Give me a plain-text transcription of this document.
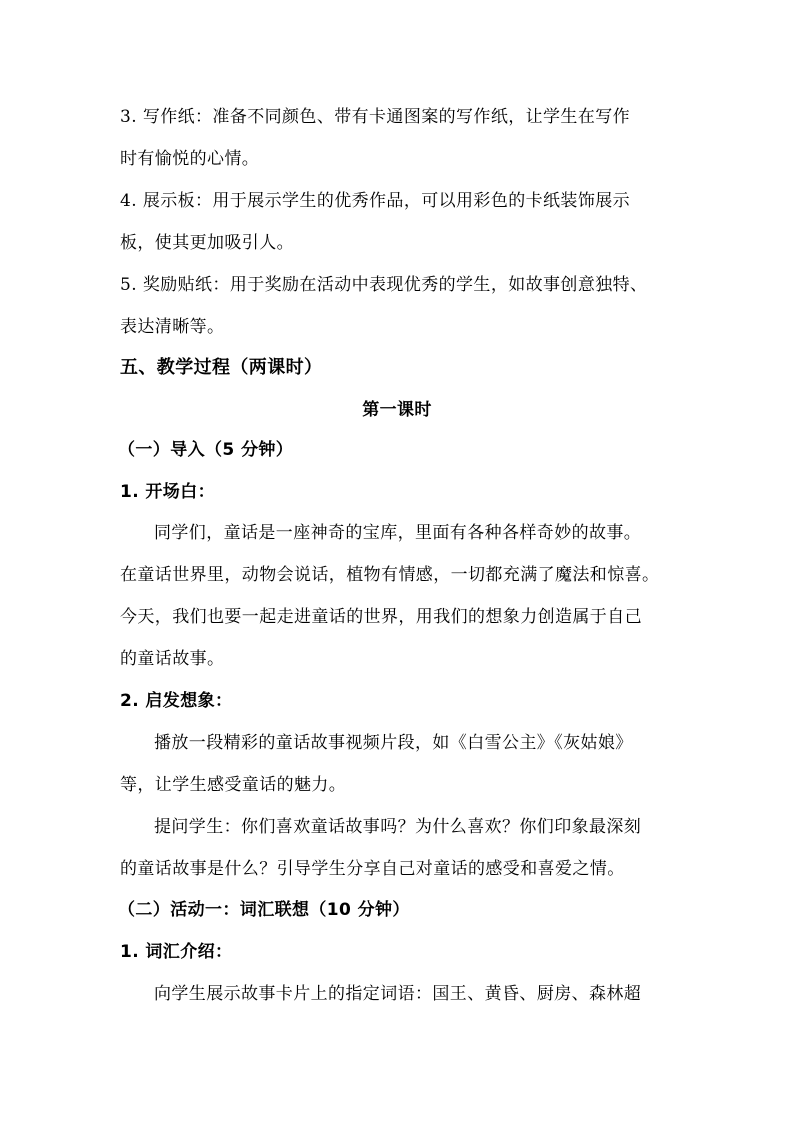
3. 写作纸：准备不同颜色、带有卡通图案的写作纸，让学生在写作
时有愉悦的心情。
4. 展示板：用于展示学生的优秀作品，可以用彩色的卡纸装饰展示
板，使其更加吸引人。
5. 奖励贴纸：用于奖励在活动中表现优秀的学生，如故事创意独特、
表达清晰等。
五、教学过程（两课时）
第一课时
（一）导入（5 分钟）
1. 开场白：
同学们，童话是一座神奇的宝库，里面有各种各样奇妙的故事。
在童话世界里，动物会说话，植物有情感，一切都充满了魔法和惊喜。
今天，我们也要一起走进童话的世界，用我们的想象力创造属于自己
的童话故事。
2. 启发想象：
播放一段精彩的童话故事视频片段，如《白雪公主》《灰姑娘》
等，让学生感受童话的魅力。
提问学生：你们喜欢童话故事吗？为什么喜欢？你们印象最深刻
的童话故事是什么？引导学生分享自己对童话的感受和喜爱之情。
（二）活动一：词汇联想（10 分钟）
1. 词汇介绍：
向学生展示故事卡片上的指定词语：国王、黄昏、厨房、森林超
